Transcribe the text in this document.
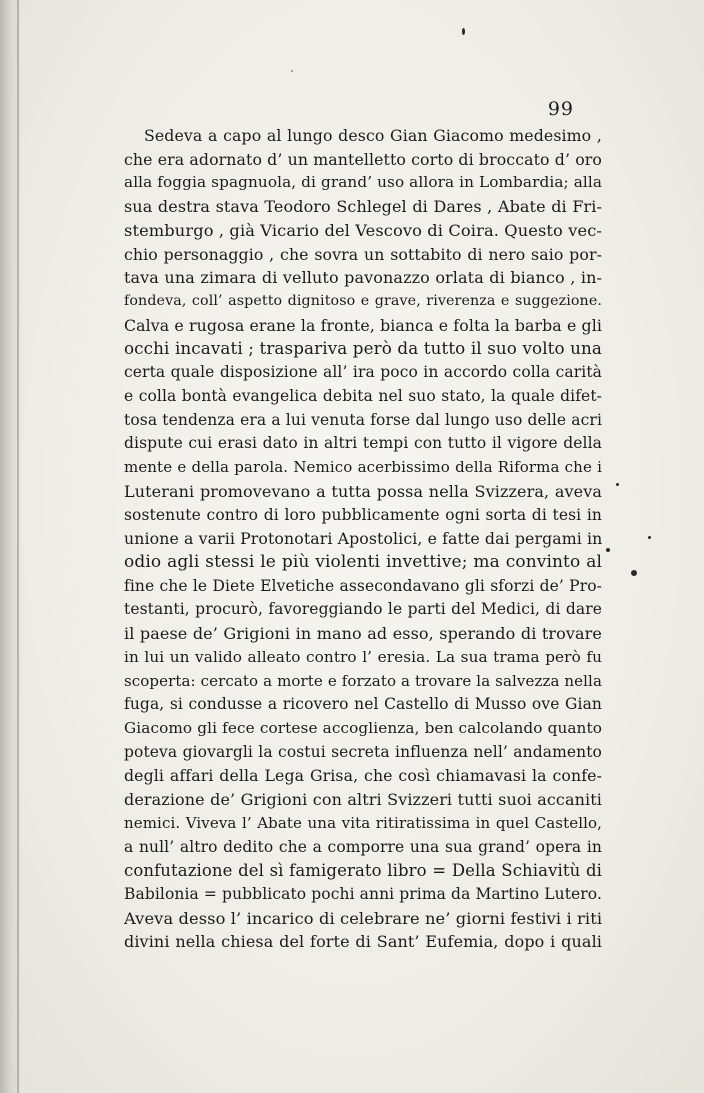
99
Sedeva a capo al lungo desco Gian Giacomo medesimo ,
che era adornato d’ un mantelletto corto di broccato d’ oro
alla foggia spagnuola, di grand’ uso allora in Lombardia; alla
sua destra stava Teodoro Schlegel di Dares , Abate di Fri-
stemburgo , già Vicario del Vescovo di Coira. Questo vec-
chio personaggio , che sovra un sottabito di nero saio por-
tava una zimara di velluto pavonazzo orlata di bianco , in-
fondeva, coll’ aspetto dignitoso e grave, riverenza e suggezione.
Calva e rugosa erane la fronte, bianca e folta la barba e gli
occhi incavati ; traspariva però da tutto il suo volto una
certa quale disposizione all’ ira poco in accordo colla carità
e colla bontà evangelica debita nel suo stato, la quale difet-
tosa tendenza era a lui venuta forse dal lungo uso delle acri
dispute cui erasi dato in altri tempi con tutto il vigore della
mente e della parola. Nemico acerbissimo della Riforma che i
Luterani promovevano a tutta possa nella Svizzera, aveva
sostenute contro di loro pubblicamente ogni sorta di tesi in
unione a varii Protonotari Apostolici, e fatte dai pergami in
odio agli stessi le più violenti invettive; ma convinto al
fine che le Diete Elvetiche assecondavano gli sforzi de’ Pro-
testanti, procurò, favoreggiando le parti del Medici, di dare
il paese de’ Grigioni in mano ad esso, sperando di trovare
in lui un valido alleato contro l’ eresia. La sua trama però fu
scoperta: cercato a morte e forzato a trovare la salvezza nella
fuga, si condusse a ricovero nel Castello di Musso ove Gian
Giacomo gli fece cortese accoglienza, ben calcolando quanto
poteva giovargli la costui secreta influenza nell’ andamento
degli affari della Lega Grisa, che così chiamavasi la confe-
derazione de’ Grigioni con altri Svizzeri tutti suoi accaniti
nemici. Viveva l’ Abate una vita ritiratissima in quel Castello,
a null’ altro dedito che a comporre una sua grand’ opera in
confutazione del sì famigerato libro = Della Schiavitù di
Babilonia = pubblicato pochi anni prima da Martino Lutero.
Aveva desso l’ incarico di celebrare ne’ giorni festivi i riti
divini nella chiesa del forte di Sant’ Eufemia, dopo i quali
